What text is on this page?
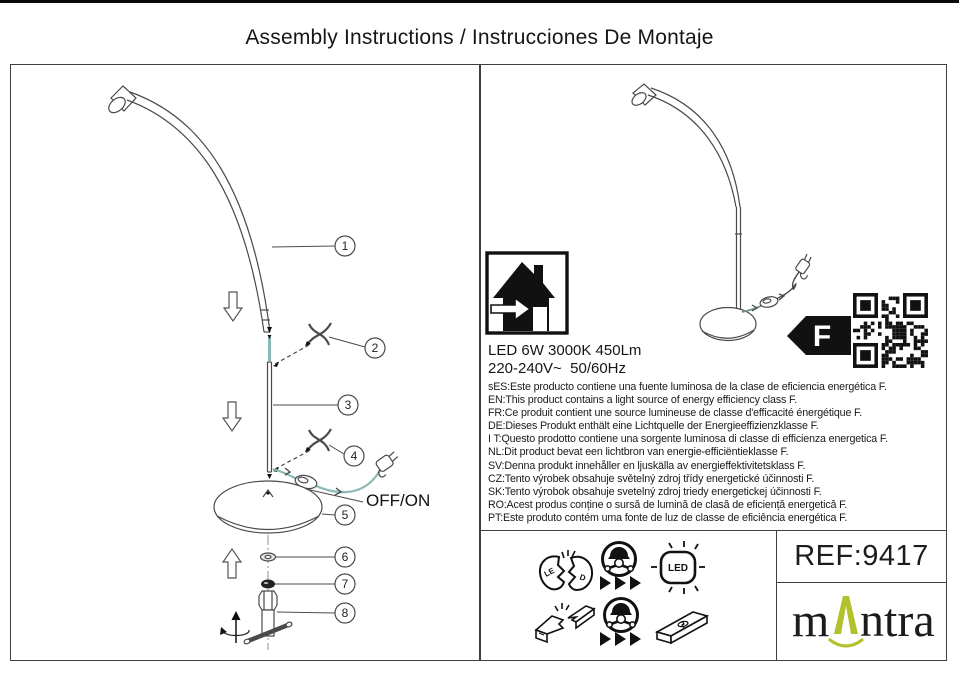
Assembly Instructions / Instrucciones De Montaje
1
2
3
4
5
6
7
8
OFF/ON
F
LED 6W 3000K 450Lm
220-240V~  50/60Hz
sES:Este producto contiene una fuente luminosa de la clase de eficiencia energética F.
EN:This product contains a light source of energy efficiency class F.
FR:Ce produit contient une source lumineuse de classe d'efficacité énergétique F.
DE:Dieses Produkt enthält eine Lichtquelle der Energieeffizienzklasse F.
I T:Questo prodotto contiene una sorgente luminosa di classe di efficienza energetica F.
NL:Dit product bevat een lichtbron van energie-efficiëntieklasse F.
SV:Denna produkt innehåller en ljuskälla av energieffektivitetsklass F.
CZ:Tento výrobek obsahuje světelný zdroj třídy energetické účinnosti F.
SK:Tento výrobok obsahuje svetelný zdroj triedy energetickej účinnosti F.
RO:Acest produs conține o sursă de lumină de clasă de eficiență energetică F.
PT:Este produto contém uma fonte de luz de classe de eficiência energética F.
LE	D
LED	REF:9417
m ntra
